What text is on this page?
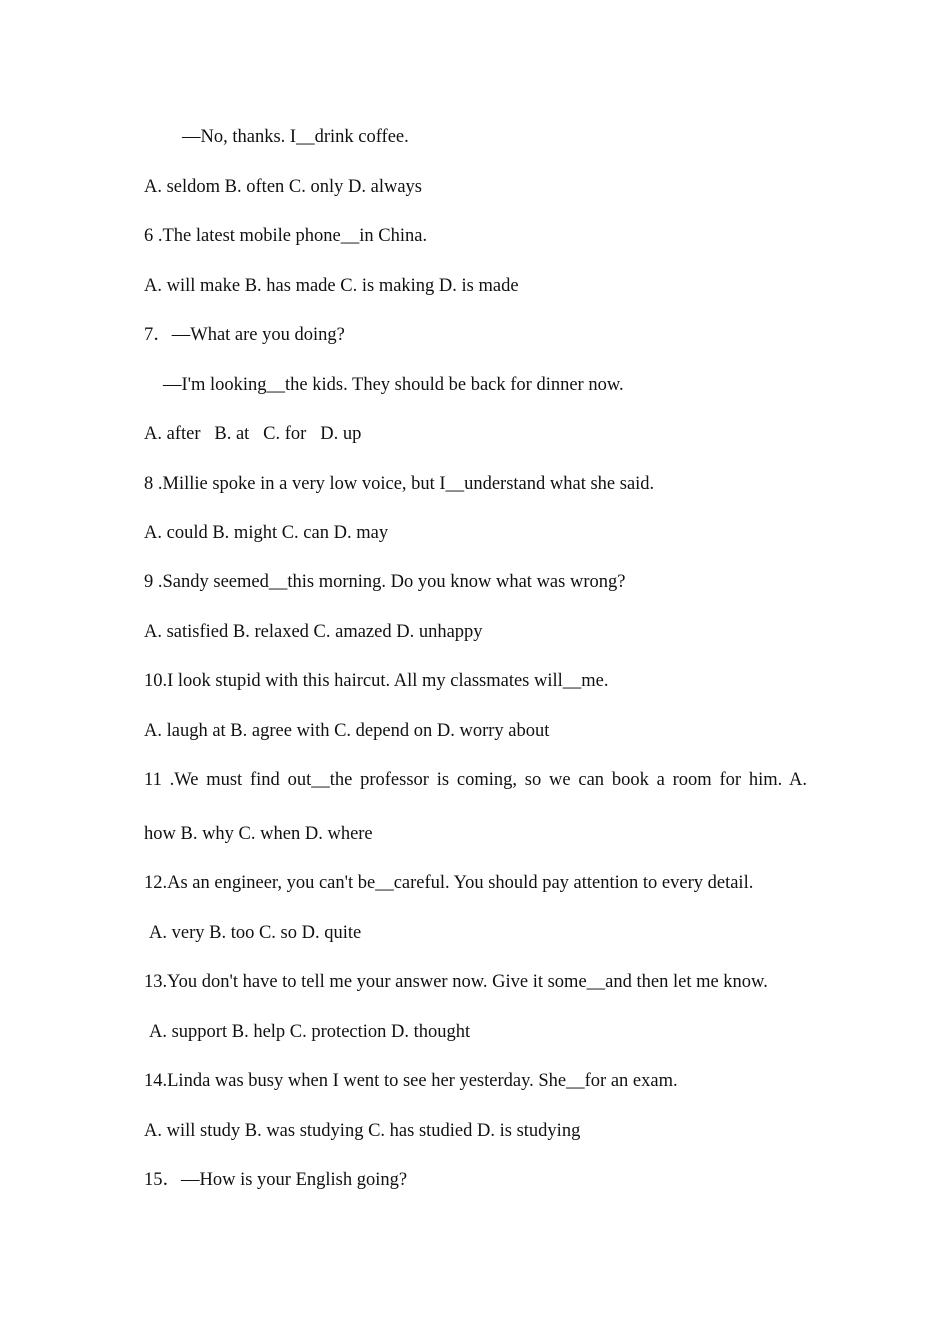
—No, thanks. I__drink coffee.

A. seldom B. often C. only D. always

6 .The latest mobile phone__in China.

A. will make B. has made C. is making D. is made

7．—What are you doing?

—I'm looking__the kids. They should be back for dinner now.

A. after   B. at   C. for   D. up

8 .Millie spoke in a very low voice, but I__understand what she said.

A. could B. might C. can D. may

9 .Sandy seemed__this morning. Do you know what was wrong?

A. satisfied B. relaxed C. amazed D. unhappy

10.I look stupid with this haircut. All my classmates will__me.

A. laugh at B. agree with C. depend on D. worry about

11 .We must find out__the professor is coming, so we can book a room for him. A.

how B. why C. when D. where

12.As an engineer, you can't be__careful. You should pay attention to every detail.

A. very B. too C. so D. quite

13.You don't have to tell me your answer now. Give it some__and then let me know.

A. support B. help C. protection D. thought

14.Linda was busy when I went to see her yesterday. She__for an exam.

A. will study B. was studying C. has studied D. is studying

15．—How is your English going?
